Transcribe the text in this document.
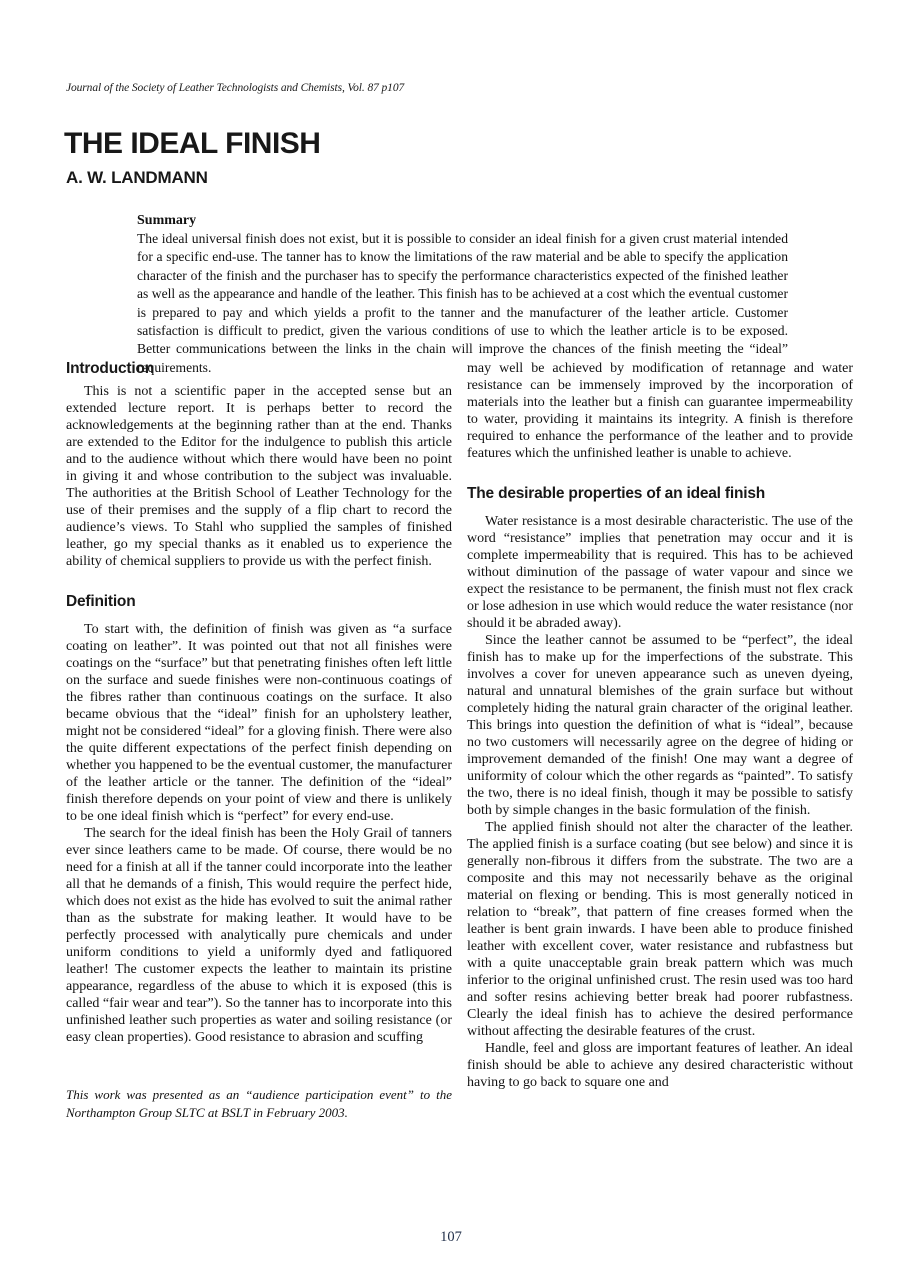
Journal of the Society of Leather Technologists and Chemists, Vol. 87 p107
THE IDEAL FINISH
A. W. LANDMANN

Summary

The ideal universal finish does not exist, but it is possible to consider an ideal finish for a given crust material intended for a specific end-use. The tanner has to know the limitations of the raw material and be able to specify the application character of the finish and the purchaser has to specify the performance characteristics expected of the finished leather as well as the appearance and handle of the leather. This finish has to be achieved at a cost which the eventual customer is prepared to pay and which yields a profit to the tanner and the manufacturer of the leather article. Customer satisfaction is difficult to predict, given the various conditions of use to which the leather article is to be exposed. Better communications between the links in the chain will improve the chances of the finish meeting the “ideal” requirements.

Introduction

This is not a scientific paper in the accepted sense but an extended lecture report. It is perhaps better to record the acknowledgements at the beginning rather than at the end. Thanks are extended to the Editor for the indulgence to publish this article and to the audience without which there would have been no point in giving it and whose contribution to the subject was invaluable. The authorities at the British School of Leather Technology for the use of their premises and the supply of a flip chart to record the audience’s views. To Stahl who supplied the samples of finished leather, go my special thanks as it enabled us to experience the ability of chemical suppliers to provide us with the perfect finish.

Definition

To start with, the definition of finish was given as “a surface coating on leather”. It was pointed out that not all finishes were coatings on the “surface” but that penetrating finishes often left little on the surface and suede finishes were non-continuous coatings of the fibres rather than continuous coatings on the surface. It also became obvious that the “ideal” finish for an upholstery leather, might not be considered “ideal” for a gloving finish. There were also the quite different expectations of the perfect finish depending on whether you happened to be the eventual customer, the manufacturer of the leather article or the tanner. The definition of the “ideal” finish therefore depends on your point of view and there is unlikely to be one ideal finish which is “perfect” for every end-use.

The search for the ideal finish has been the Holy Grail of tanners ever since leathers came to be made. Of course, there would be no need for a finish at all if the tanner could incorporate into the leather all that he demands of a finish, This would require the perfect hide, which does not exist as the hide has evolved to suit the animal rather than as the substrate for making leather. It would have to be perfectly processed with analytically pure chemicals and under uniform conditions to yield a uniformly dyed and fatliquored leather! The customer expects the leather to maintain its pristine appearance, regardless of the abuse to which it is exposed (this is called “fair wear and tear”). So the tanner has to incorporate into this unfinished leather such properties as water and soiling resistance (or easy clean properties). Good resistance to abrasion and scuffing

This work was presented as an “audience participation event” to the Northampton Group SLTC at BSLT in February 2003.

may well be achieved by modification of retannage and water resistance can be immensely improved by the incorporation of materials into the leather but a finish can guarantee impermeability to water, providing it maintains its integrity. A finish is therefore required to enhance the performance of the leather and to provide features which the unfinished leather is unable to achieve.

The desirable properties of an ideal finish

Water resistance is a most desirable characteristic. The use of the word “resistance” implies that penetration may occur and it is complete impermeability that is required. This has to be achieved without diminution of the passage of water vapour and since we expect the resistance to be permanent, the finish must not flex crack or lose adhesion in use which would reduce the water resistance (nor should it be abraded away).

Since the leather cannot be assumed to be “perfect”, the ideal finish has to make up for the imperfections of the substrate. This involves a cover for uneven appearance such as uneven dyeing, natural and unnatural blemishes of the grain surface but without completely hiding the natural grain character of the original leather. This brings into question the definition of what is “ideal”, because no two customers will necessarily agree on the degree of hiding or improvement demanded of the finish! One may want a degree of uniformity of colour which the other regards as “painted”. To satisfy the two, there is no ideal finish, though it may be possible to satisfy both by simple changes in the basic formulation of the finish.

The applied finish should not alter the character of the leather. The applied finish is a surface coating (but see below) and since it is generally non-fibrous it differs from the substrate. The two are a composite and this may not necessarily behave as the original material on flexing or bending. This is most generally noticed in relation to “break”, that pattern of fine creases formed when the leather is bent grain inwards. I have been able to produce finished leather with excellent cover, water resistance and rubfastness but with a quite unacceptable grain break pattern which was much inferior to the original unfinished crust. The resin used was too hard and softer resins achieving better break had poorer rubfastness. Clearly the ideal finish has to achieve the desired performance without affecting the desirable features of the crust.

Handle, feel and gloss are important features of leather. An ideal finish should be able to achieve any desired characteristic without having to go back to square one and

107
